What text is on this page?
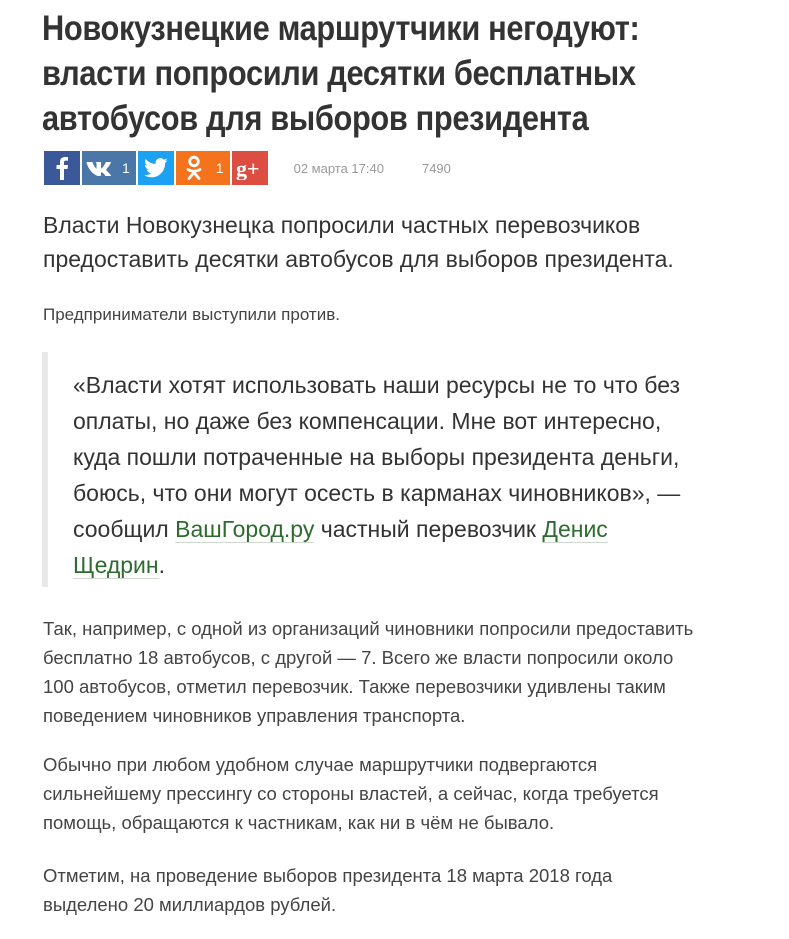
Новокузнецкие маршрутчики негодуют:
власти попросили десятки бесплатных
автобусов для выборов президента
1	1 g+	02 марта 17:40	7490

Власти Новокузнецка попросили частных перевозчиков
предоставить десятки автобусов для выборов президента.

Предприниматели выступили против.

«Власти хотят использовать наши ресурсы не то что без
оплаты, но даже без компенсации. Мне вот интересно,
куда пошли потраченные на выборы президента деньги,
боюсь, что они могут осесть в карманах чиновников», —
сообщил ВашГород.ру частный перевозчик Денис
Щедрин.

Так, например, с одной из организаций чиновники попросили предоставить
бесплатно 18 автобусов, с другой — 7. Всего же власти попросили около
100 автобусов, отметил перевозчик. Также перевозчики удивлены таким
поведением чиновников управления транспорта.

Обычно при любом удобном случае маршрутчики подвергаются
сильнейшему прессингу со стороны властей, а сейчас, когда требуется
помощь, обращаются к частникам, как ни в чём не бывало.

Отметим, на проведение выборов президента 18 марта 2018 года
выделено 20 миллиардов рублей.
